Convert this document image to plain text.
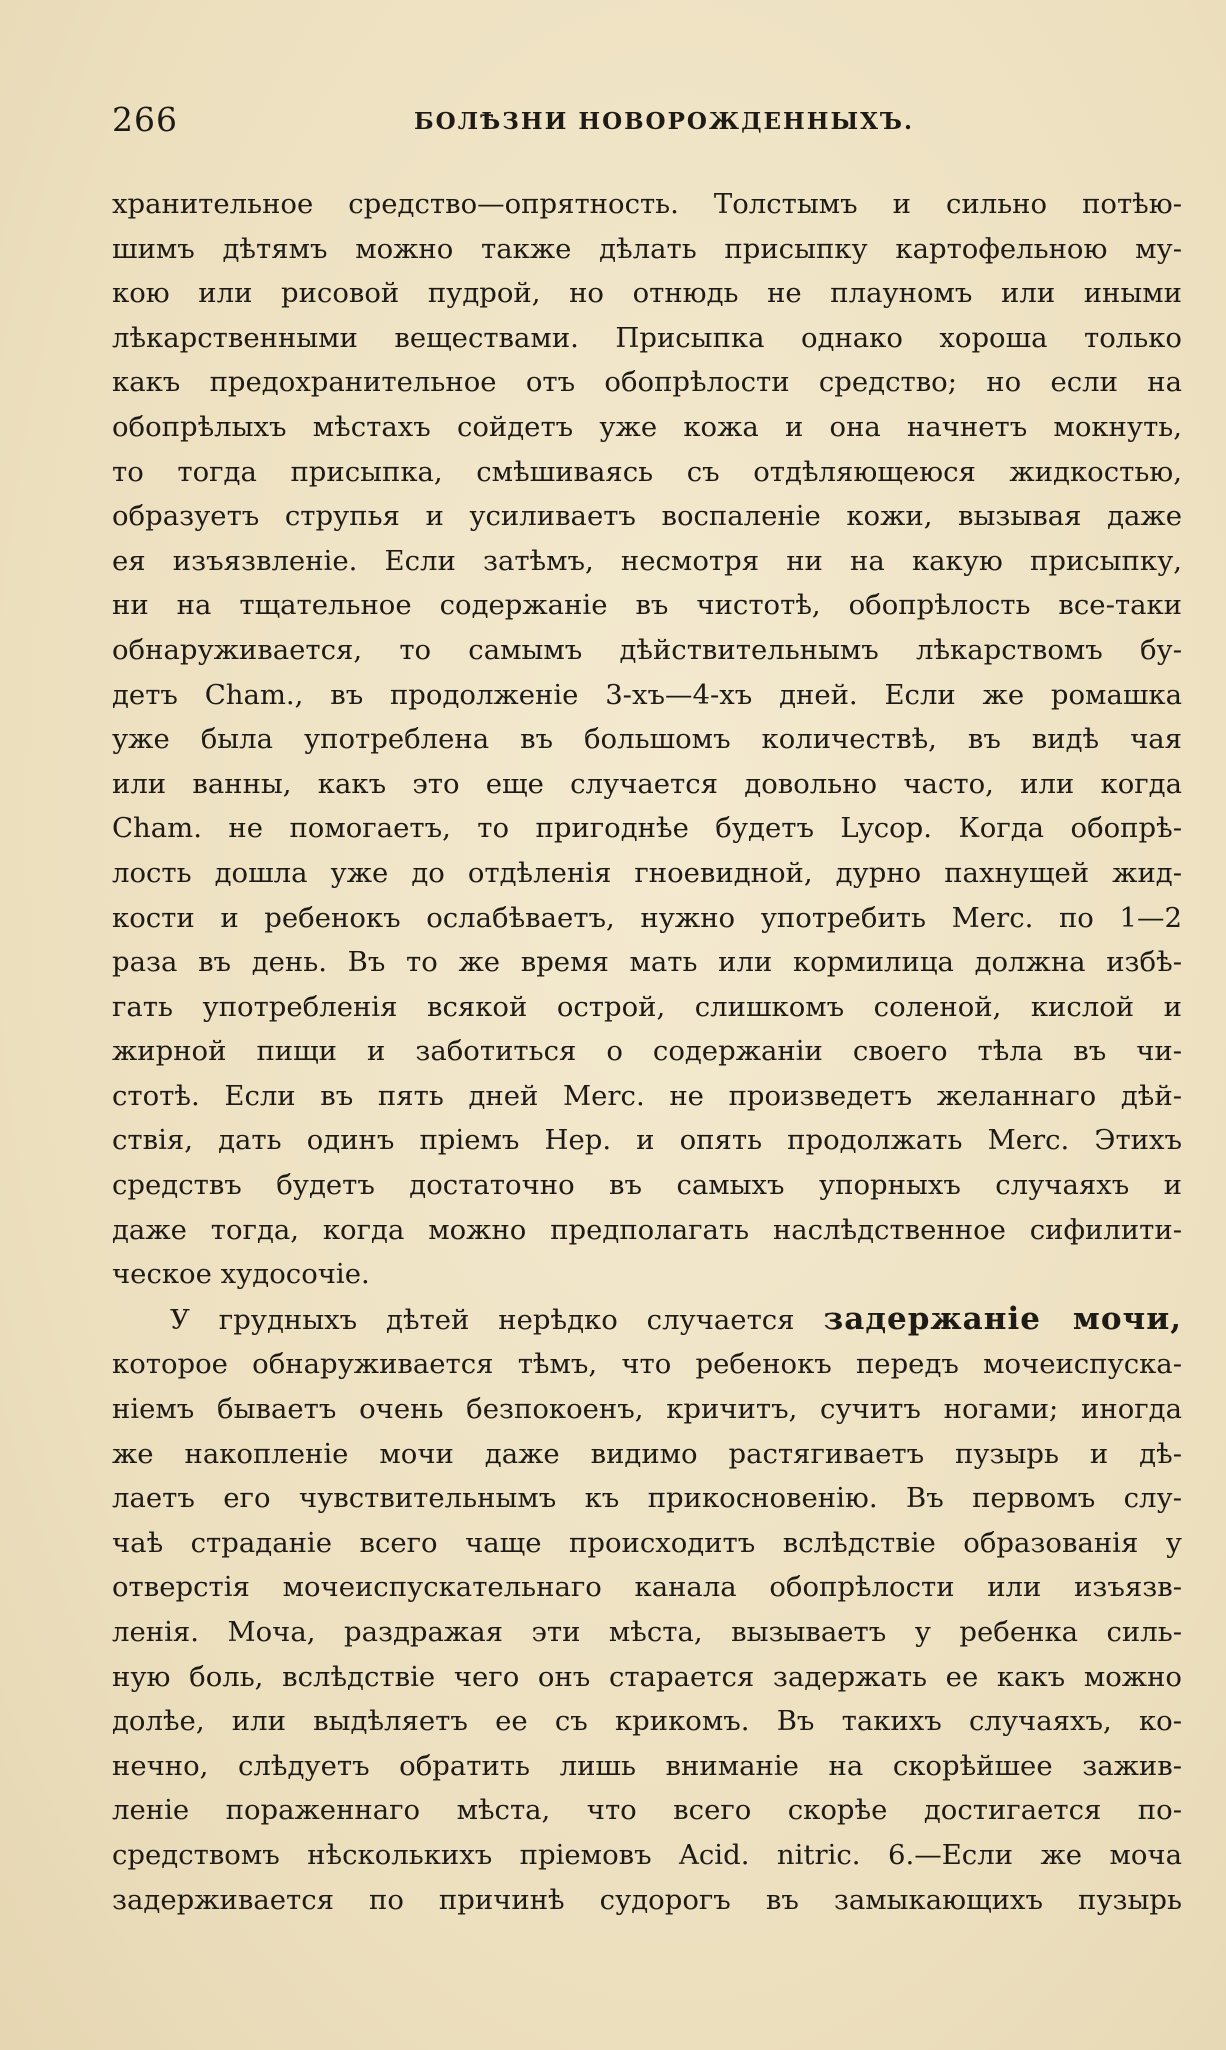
266	БОЛѢЗНИ НОВОРОЖДЕННЫХЪ.
хранительное средство—опрятность. Толстымъ и сильно потѣю-
шимъ дѣтямъ можно также дѣлать присыпку картофельною му-
кою или рисовой пудрой, но отнюдь не плауномъ или иными
лѣкарственными веществами. Присыпка однако хороша только
какъ предохранительное отъ обопрѣлости средство; но если на
обопрѣлыхъ мѣстахъ сойдетъ уже кожа и она начнетъ мокнуть,
то тогда присыпка, смѣшиваясь съ отдѣляющеюся жидкостью,
образуетъ струпья и усиливаетъ воспаленіе кожи, вызывая даже
ея изъязвленіе. Если затѣмъ, несмотря ни на какую присыпку,
ни на тщательное содержаніе въ чистотѣ, обопрѣлость все-таки
обнаруживается, то самымъ дѣйствительнымъ лѣкарствомъ бу-
детъ Cham., въ продолженіе 3-хъ—4-хъ дней. Если же ромашка
уже была употреблена въ большомъ количествѣ, въ видѣ чая
или ванны, какъ это еще случается довольно часто, или когда
Cham. не помогаетъ, то пригоднѣе будетъ Lycop. Когда обопрѣ-
лость дошла уже до отдѣленія гноевидной, дурно пахнущей жид-
кости и ребенокъ ослабѣваетъ, нужно употребить Merc. по 1—2
раза въ день. Въ то же время мать или кормилица должна избѣ-
гать употребленія всякой острой, слишкомъ соленой, кислой и
жирной пищи и заботиться о содержаніи своего тѣла въ чи-
стотѣ. Если въ пять дней Merc. не произведетъ желаннаго дѣй-
ствія, дать одинъ пріемъ Hep. и опять продолжать Merc. Этихъ
средствъ будетъ достаточно въ самыхъ упорныхъ случаяхъ и
даже тогда, когда можно предполагать наслѣдственное сифилити-
ческое худосочіе.
У грудныхъ дѣтей нерѣдко случается задержаніе мочи,
которое обнаруживается тѣмъ, что ребенокъ передъ мочеиспуска-
ніемъ бываетъ очень безпокоенъ, кричитъ, сучитъ ногами; иногда
же накопленіе мочи даже видимо растягиваетъ пузырь и дѣ-
лаетъ его чувствительнымъ къ прикосновенію. Въ первомъ слу-
чаѣ страданіе всего чаще происходитъ вслѣдствіе образованія у
отверстія мочеиспускательнаго канала обопрѣлости или изъязв-
ленія. Моча, раздражая эти мѣста, вызываетъ у ребенка силь-
ную боль, вслѣдствіе чего онъ старается задержать ее какъ можно
долѣе, или выдѣляетъ ее съ крикомъ. Въ такихъ случаяхъ, ко-
нечно, слѣдуетъ обратить лишь вниманіе на скорѣйшее зажив-
леніе пораженнаго мѣста, что всего скорѣе достигается по-
средствомъ нѣсколькихъ пріемовъ Acid. nitric. 6.—Если же моча
задерживается по причинѣ судорогъ въ замыкающихъ пузырь
